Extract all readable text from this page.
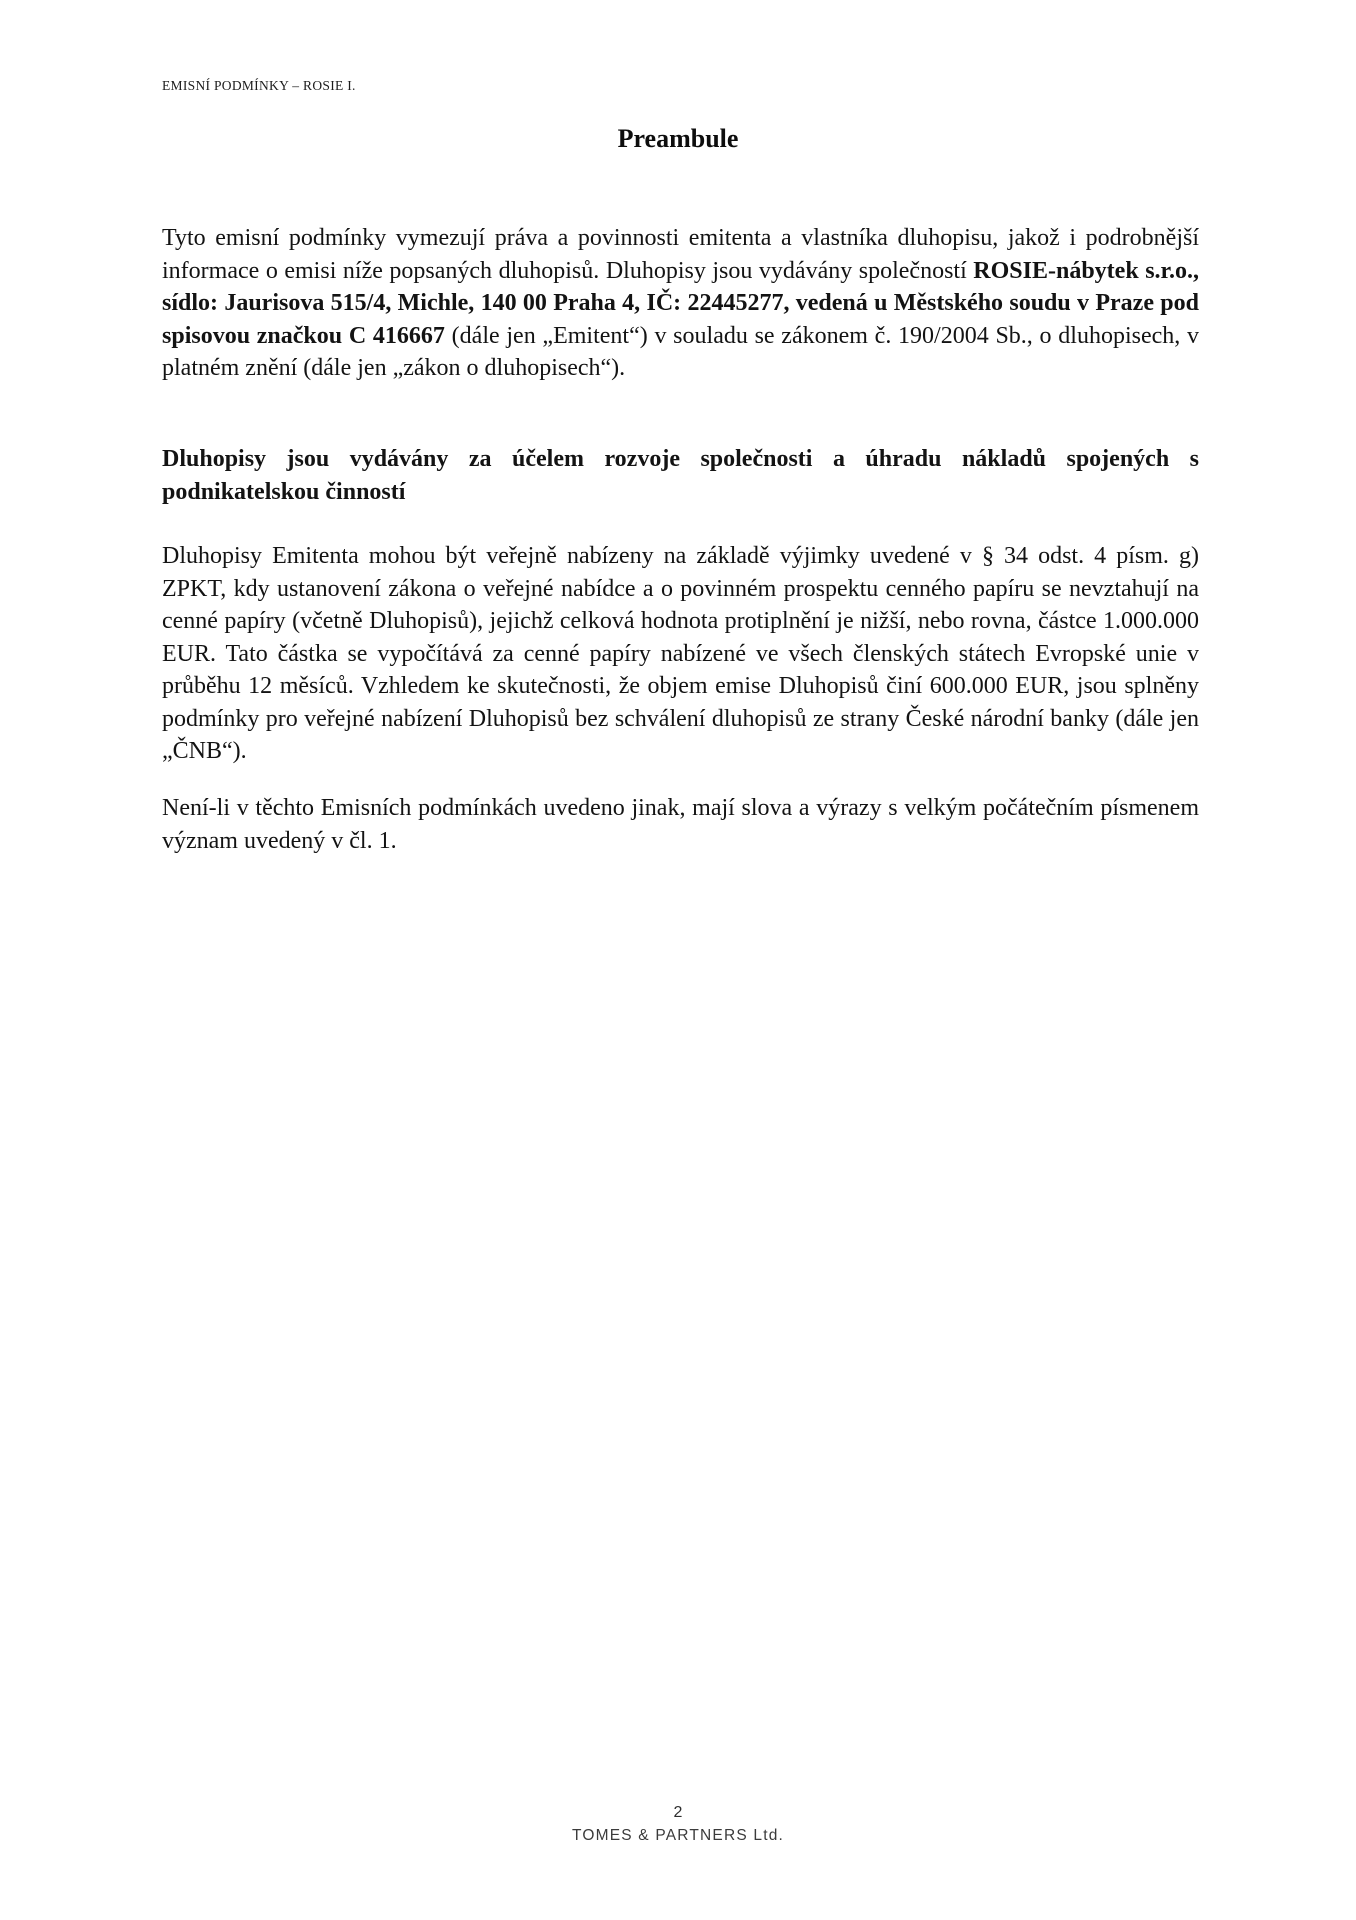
EMISNÍ PODMÍNKY – ROSIE I.
Preambule
Tyto emisní podmínky vymezují práva a povinnosti emitenta a vlastníka dluhopisu, jakož i podrobnější informace o emisi níže popsaných dluhopisů. Dluhopisy jsou vydávány společností ROSIE-nábytek s.r.o., sídlo: Jaurisova 515/4, Michle, 140 00 Praha 4, IČ: 22445277, vedená u Městského soudu v Praze pod spisovou značkou C 416667 (dále jen „Emitent“) v souladu se zákonem č. 190/2004 Sb., o dluhopisech, v platném znění (dále jen „zákon o dluhopisech“).
Dluhopisy jsou vydávány za účelem rozvoje společnosti a úhradu nákladů spojených s podnikatelskou činností
Dluhopisy Emitenta mohou být veřejně nabízeny na základě výjimky uvedené v § 34 odst. 4 písm. g) ZPKT, kdy ustanovení zákona o veřejné nabídce a o povinném prospektu cenného papíru se nevztahují na cenné papíry (včetně Dluhopisů), jejichž celková hodnota protiplnění je nižší, nebo rovna, částce 1.000.000 EUR. Tato částka se vypočítává za cenné papíry nabízené ve všech členských státech Evropské unie v průběhu 12 měsíců. Vzhledem ke skutečnosti, že objem emise Dluhopisů činí 600.000 EUR, jsou splněny podmínky pro veřejné nabízení Dluhopisů bez schválení dluhopisů ze strany České národní banky (dále jen „ČNB“).
Není-li v těchto Emisních podmínkách uvedeno jinak, mají slova a výrazy s velkým počátečním písmenem význam uvedený v čl. 1.
2
TOMES & PARTNERS Ltd.
